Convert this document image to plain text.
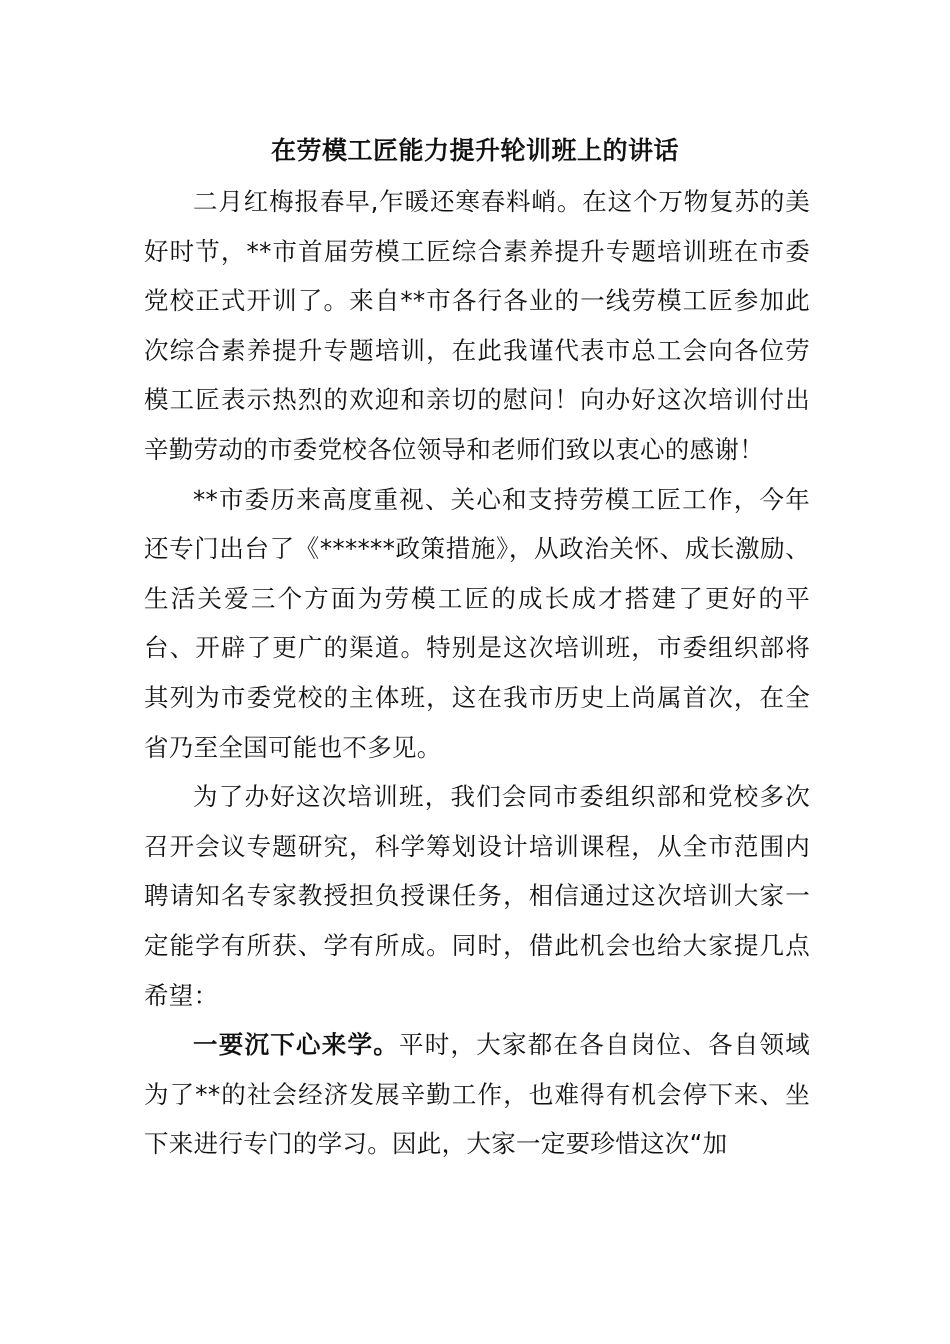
在劳模工匠能力提升轮训班上的讲话

二月红梅报春早,乍暖还寒春料峭。在这个万物复苏的美好时节，**市首届劳模工匠综合素养提升专题培训班在市委党校正式开训了。来自**市各行各业的一线劳模工匠参加此次综合素养提升专题培训，在此我谨代表市总工会向各位劳模工匠表示热烈的欢迎和亲切的慰问！向办好这次培训付出辛勤劳动的市委党校各位领导和老师们致以衷心的感谢！

**市委历来高度重视、关心和支持劳模工匠工作，今年还专门出台了《******政策措施》，从政治关怀、成长激励、生活关爱三个方面为劳模工匠的成长成才搭建了更好的平台、开辟了更广的渠道。特别是这次培训班，市委组织部将其列为市委党校的主体班，这在我市历史上尚属首次，在全省乃至全国可能也不多见。

为了办好这次培训班，我们会同市委组织部和党校多次召开会议专题研究，科学筹划设计培训课程，从全市范围内聘请知名专家教授担负授课任务，相信通过这次培训大家一定能学有所获、学有所成。同时，借此机会也给大家提几点希望：

一要沉下心来学。平时，大家都在各自岗位、各自领域为了**的社会经济发展辛勤工作，也难得有机会停下来、坐下来进行专门的学习。因此，大家一定要珍惜这次“加
